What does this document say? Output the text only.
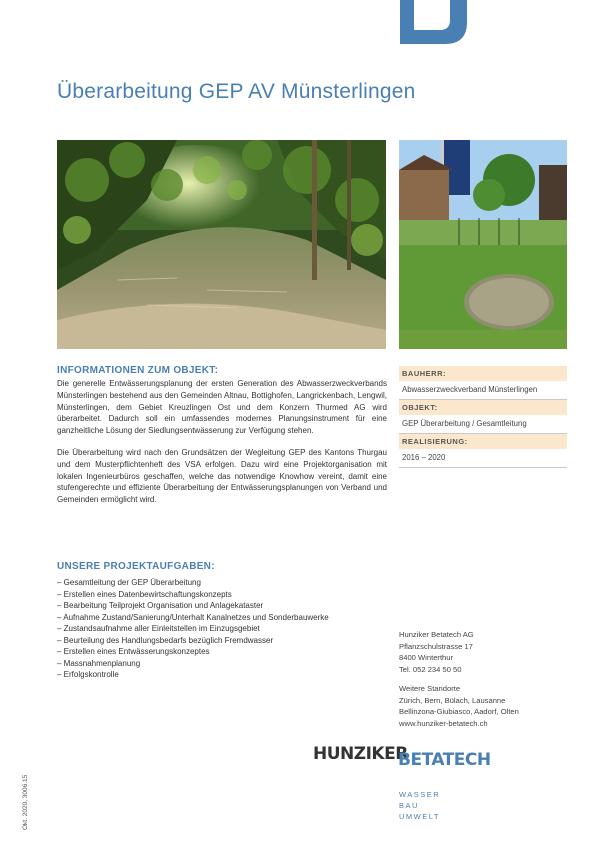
Überarbeitung GEP AV Münsterlingen
INFORMATIONEN ZUM OBJEKT:

Die generelle Entwässerungsplanung der ersten Generation des Abwasserzweckverbands Münsterlingen bestehend aus den Gemeinden Altnau, Bottighofen, Langrickenbach, Lengwil, Münsterlingen, dem Gebiet Kreuzlingen Ost und dem Konzern Thurmed AG wird überarbeitet. Dadurch soll ein umfassendes modernes Planungsinstrument für eine ganzheitliche Lösung der Siedlungsentwässerung zur Verfügung stehen.

Die Überarbeitung wird nach den Grundsätzen der Wegleitung GEP des Kantons Thurgau und dem Musterpflichtenheft des VSA erfolgen. Dazu wird eine Projektorganisation mit lokalen Ingenieurbüros geschaffen, welche das notwendige Knowhow vereint, damit eine stufengerechte und effiziente Überarbeitung der Entwässerungsplanungen von Verband und Gemeinden ermöglicht wird.

BAUHERR:
Abwasserzweckverband Münsterlingen
OBJEKT:
GEP Überarbeitung / Gesamtleitung
REALISIERUNG:
2016 – 2020
UNSERE PROJEKTAUFGABEN:
– Gesamtleitung der GEP Überarbeitung
– Erstellen eines Datenbewirtschaftungskonzepts
– Bearbeitung Teilprojekt Organisation und Anlagekataster
– Aufnahme Zustand/Sanierung/Unterhalt Kanalnetzes und Sonderbauwerke
– Zustandsaufnahme aller Einleitstellen im Einzugsgebiet
– Beurteilung des Handlungsbedarfs bezüglich Fremdwasser
– Erstellen eines Entwässerungskonzeptes
– Massnahmenplanung
– Erfolgskontrolle
Hunziker Betatech AG
Pflanzschulstrasse 17
8400 Winterthur
Tel. 052 234 50 50
Weitere Standorte
Zürich, Bern, Bülach, Lausanne
Bellinzona-Giubiasco, Aadorf, Olten
www.hunziker-betatech.ch
HUNZIKER
BETATECH
WASSER
BAU
UMWELT
Okt. 2020, 3006.15
